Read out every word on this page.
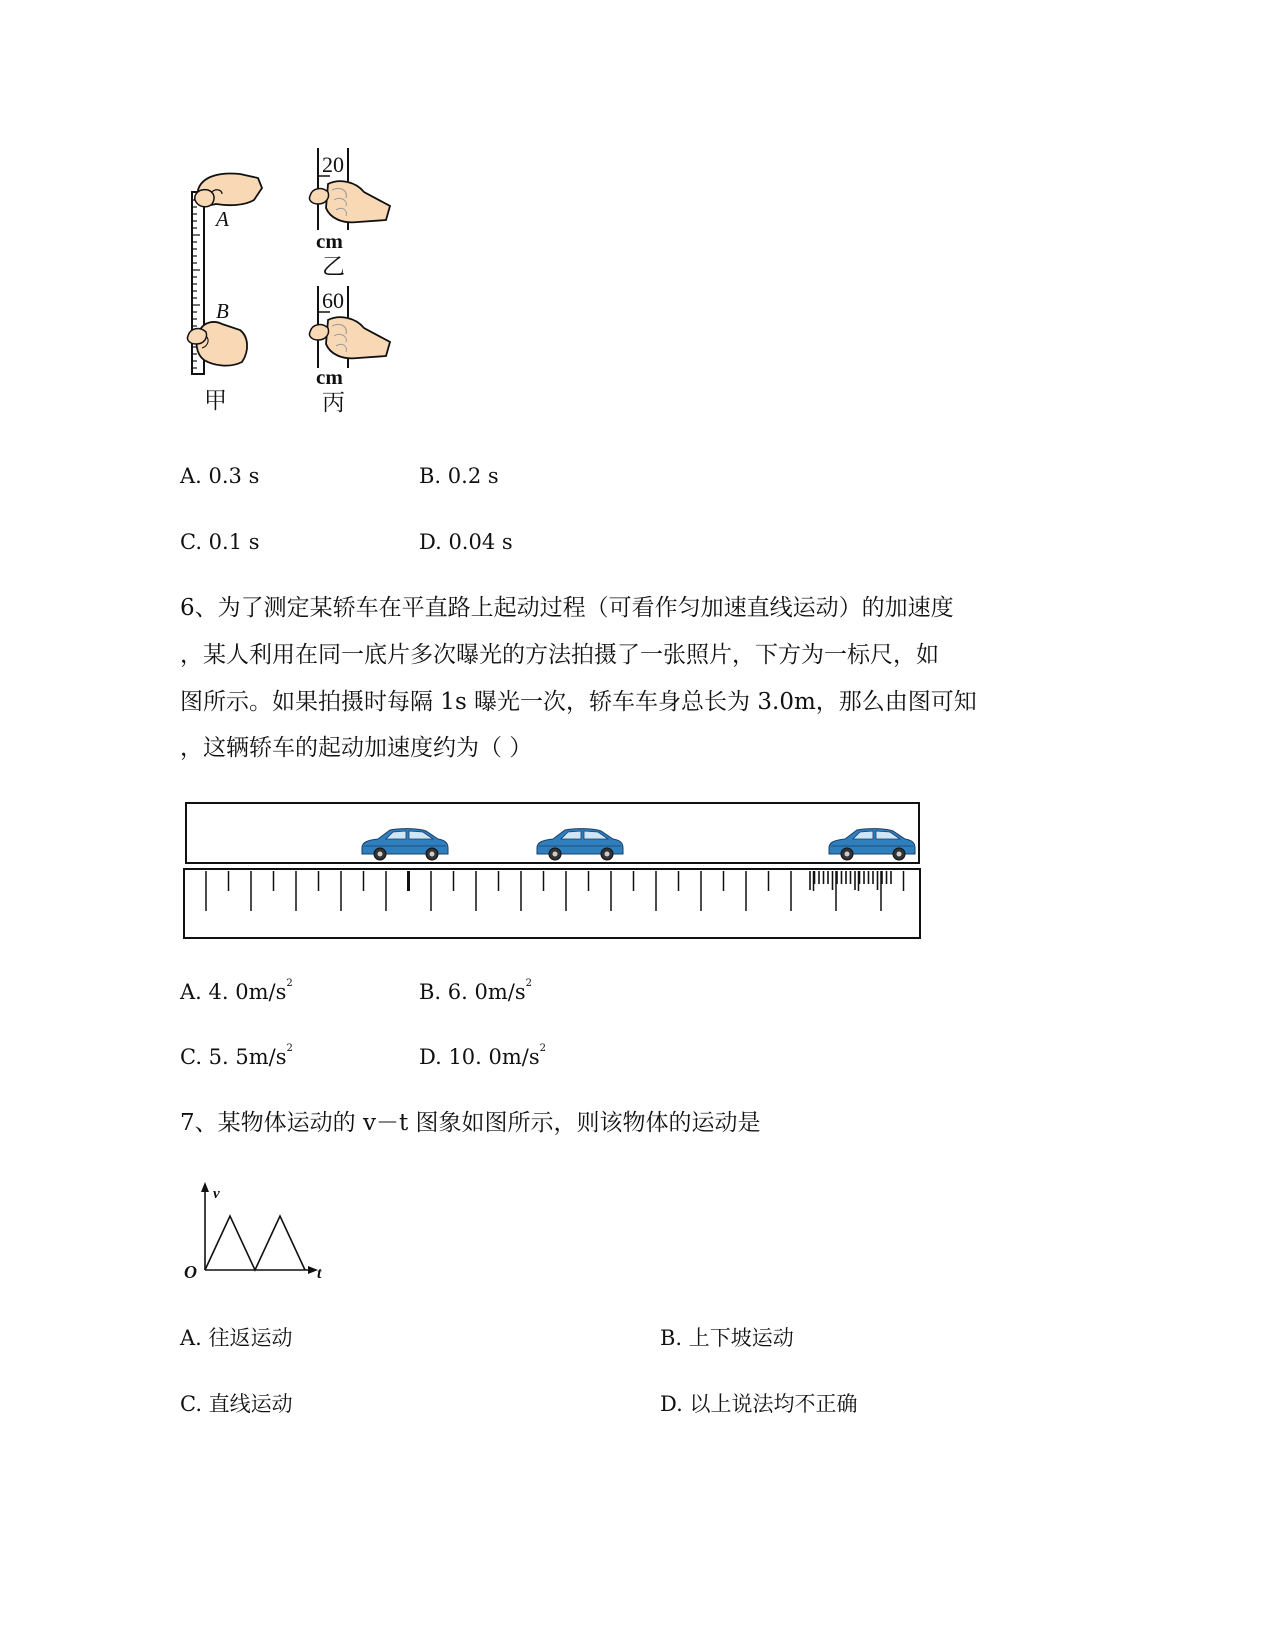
A
B
甲
20
cm
乙
60
cm
丙
A. 0.3 s	B. 0.2 s
C. 0.1 s	D. 0.04 s
6、为了测定某轿车在平直路上起动过程（可看作匀加速直线运动）的加速度
，某人利用在同一底片多次曝光的方法拍摄了一张照片，下方为一标尺，如
图所示。如果拍摄时每隔 1s 曝光一次，轿车车身总长为 3.0m，那么由图可知
，这辆轿车的起动加速度约为（ ）
A. 4. $0m/s^2$	B. 6. $0m/s^2$
C. 5. $5m/s^2$	D. 10. $0m/s^2$
7、某物体运动的 v－t 图象如图所示，则该物体的运动是
v
t
O
A. 往返运动	B. 上下坡运动
C. 直线运动	D. 以上说法均不正确
